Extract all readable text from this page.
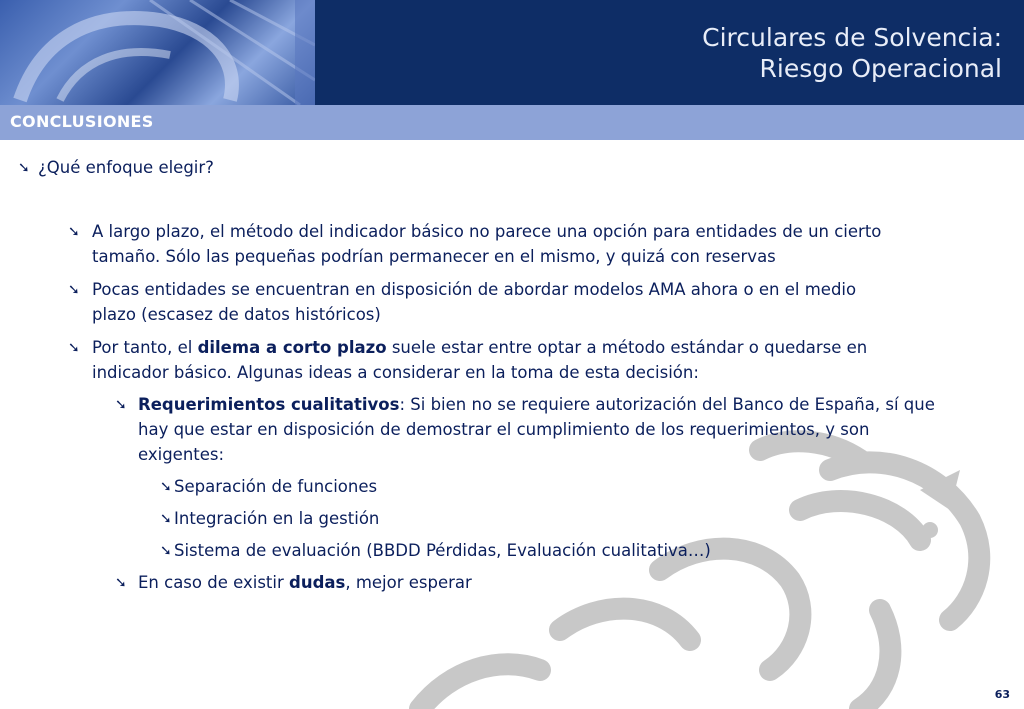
Circulares de Solvencia:
Riesgo Operacional
CONCLUSIONES
➘ ¿Qué enfoque elegir?
➘ A largo plazo, el método del indicador básico no parece una opción para entidades de un cierto
tamaño. Sólo las pequeñas podrían permanecer en el mismo, y quizá con reservas
➘ Pocas entidades se encuentran en disposición de abordar modelos AMA ahora o en el medio
plazo (escasez de datos históricos)
➘ Por tanto, el dilema a corto plazo suele estar entre optar a método estándar o quedarse en
indicador básico. Algunas ideas a considerar en la toma de esta decisión:
➘ Requerimientos cualitativos: Si bien no se requiere autorización del Banco de España, sí que
hay que estar en disposición de demostrar el cumplimiento de los requerimientos, y son
exigentes:
➘ Separación de funciones
➘ Integración en la gestión
➘ Sistema de evaluación (BBDD Pérdidas, Evaluación cualitativa…)
➘ En caso de existir dudas, mejor esperar
63
